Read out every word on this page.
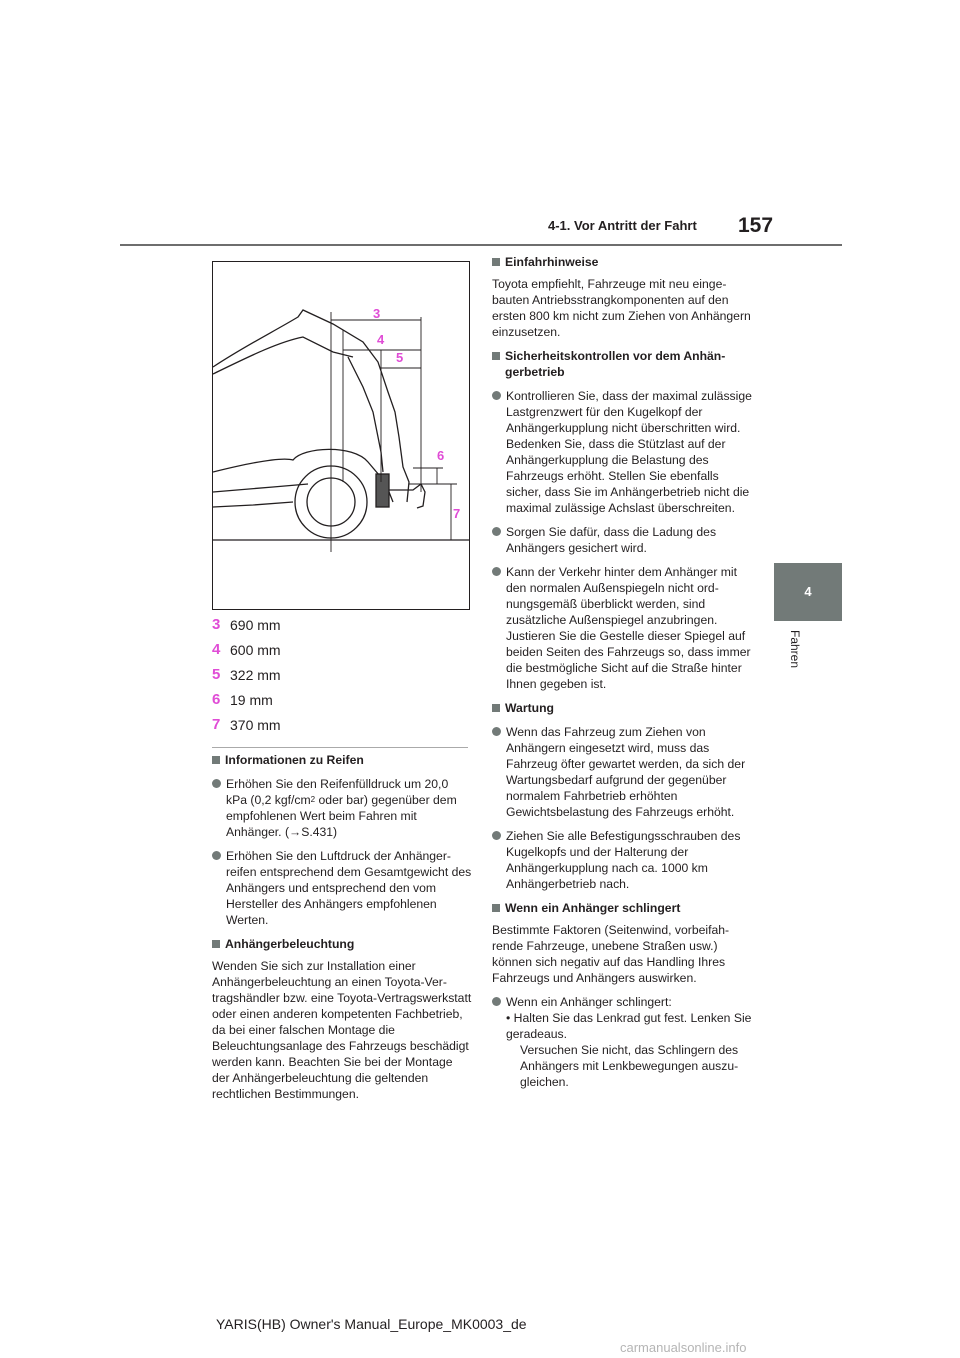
4-1. Vor Antritt der Fahrt 157
4
Fahren
3
4
5
6
7
3 690 mm
4 600 mm
5 322 mm
6 19 mm
7 370 mm
Informationen zu Reifen

Erhöhen Sie den Reifenfülldruck um 20,0 kPa (0,2 kgf/$cm^2$ oder bar) gegenüber dem empfohlenen Wert beim Fahren mit Anhänger. (→S.431)

Erhöhen Sie den Luftdruck der Anhängerreifen entsprechend dem Gesamtgewicht des Anhängers und entsprechend den vom Hersteller des Anhängers empfohlenen Werten.

Anhängerbeleuchtung

Wenden Sie sich zur Installation einer Anhängerbeleuchtung an einen Toyota-Vertragshändler bzw. eine Toyota-Vertragswerkstatt oder einen anderen kompetenten Fachbetrieb, da bei einer falschen Montage die Beleuchtungsanlage des Fahrzeugs beschädigt werden kann. Beachten Sie bei der Montage der Anhängerbeleuchtung die geltenden rechtlichen Bestimmungen.

Einfahrhinweise

Toyota empfiehlt, Fahrzeuge mit neu eingebauten Antriebsstrangkomponenten auf den ersten 800 km nicht zum Ziehen von Anhängern einzusetzen.

Sicherheitskontrollen vor dem Anhängerbetrieb

Kontrollieren Sie, dass der maximal zulässige Lastgrenzwert für den Kugelkopf der Anhängerkupplung nicht überschritten wird. Bedenken Sie, dass die Stützlast auf der Anhängerkupplung die Belastung des Fahrzeugs erhöht. Stellen Sie ebenfalls sicher, dass Sie im Anhängerbetrieb nicht die maximal zulässige Achslast überschreiten.

Sorgen Sie dafür, dass die Ladung des Anhängers gesichert wird.

Kann der Verkehr hinter dem Anhänger mit den normalen Außenspiegeln nicht ordnungsgemäß überblickt werden, sind zusätzliche Außenspiegel anzubringen. Justieren Sie die Gestelle dieser Spiegel auf beiden Seiten des Fahrzeugs so, dass immer die bestmögliche Sicht auf die Straße hinter Ihnen gegeben ist.

Wartung

Wenn das Fahrzeug zum Ziehen von Anhängern eingesetzt wird, muss das Fahrzeug öfter gewartet werden, da sich der Wartungsbedarf aufgrund der gegenüber normalem Fahrbetrieb erhöhten Gewichtsbelastung des Fahrzeugs erhöht.

Ziehen Sie alle Befestigungsschrauben des Kugelkopfs und der Halterung der Anhängerkupplung nach ca. 1000 km Anhängerbetrieb nach.

Wenn ein Anhänger schlingert

Bestimmte Faktoren (Seitenwind, vorbeifahrende Fahrzeuge, unebene Straßen usw.) können sich negativ auf das Handling Ihres Fahrzeugs und Anhängers auswirken.

Wenn ein Anhänger schlingert:

• Halten Sie das Lenkrad gut fest. Lenken Sie geradeaus.

Versuchen Sie nicht, das Schlingern des Anhängers mit Lenkbewegungen auszugleichen.

YARIS(HB) Owner's Manual_Europe_MK0003_de
carmanualsonline.info
